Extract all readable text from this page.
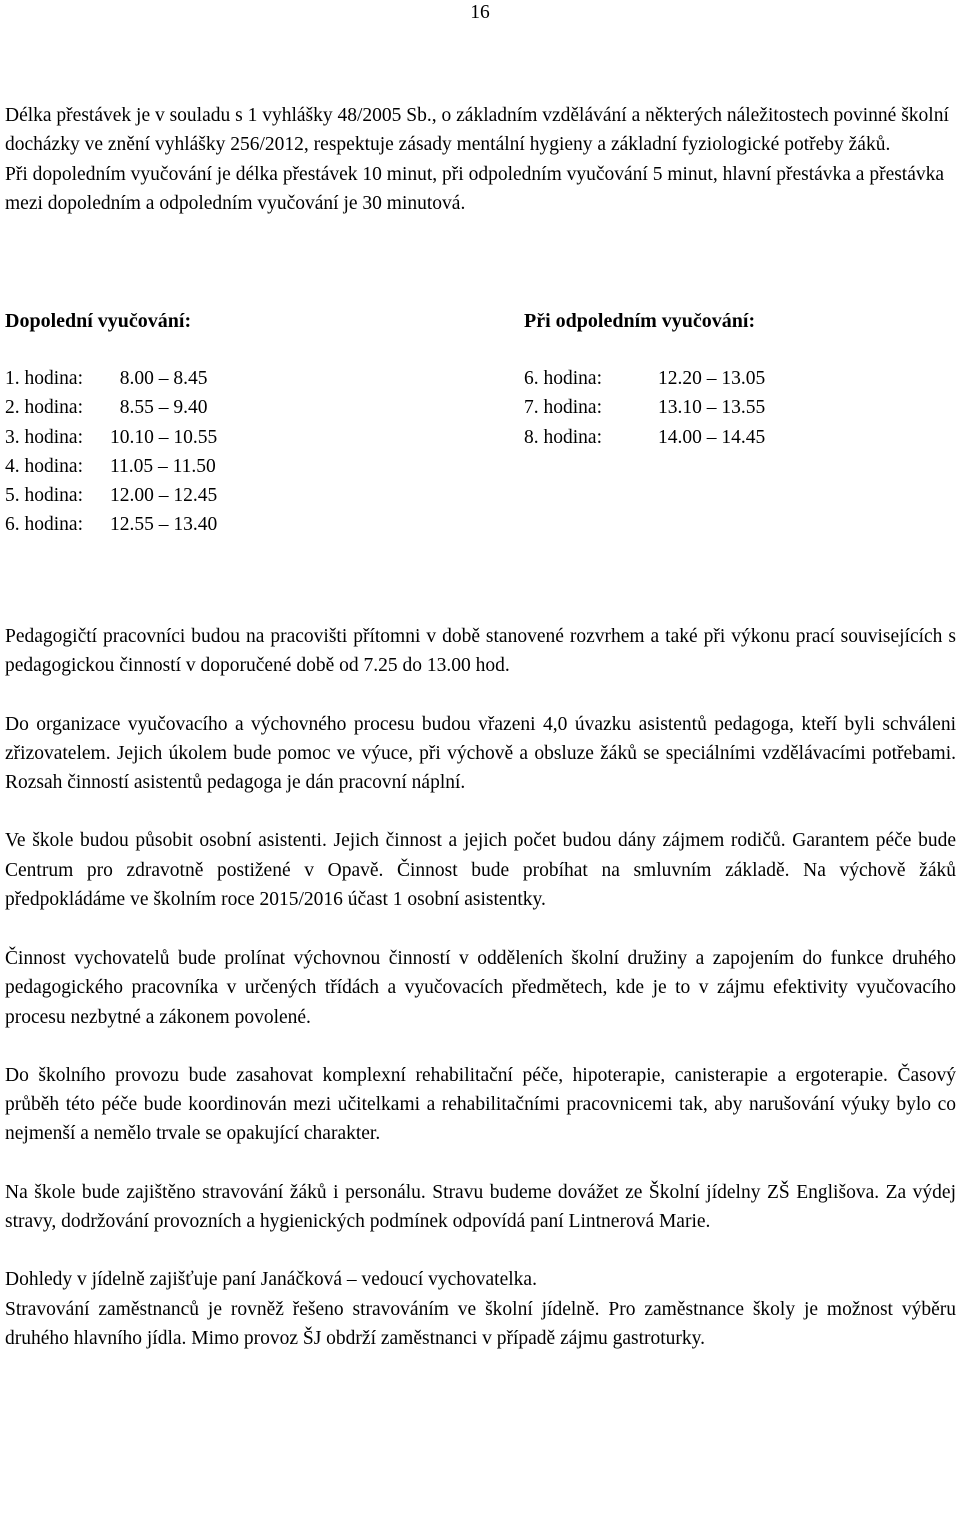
16

Délka přestávek je v souladu s 1 vyhlášky 48/2005 Sb., o základním vzdělávání a některých náležitostech povinné školní docházky ve znění vyhlášky 256/2012, respektuje zásady mentální hygieny a základní fyziologické potřeby žáků.

Při dopoledním vyučování je délka přestávek 10 minut, při odpoledním vyučování 5 minut, hlavní přestávka a přestávka mezi dopoledním a odpoledním vyučování je 30 minutová.

Dopolední vyučování:	Při odpoledním vyučování:
1. hodina:	8.00 – 8.45
2. hodina:	8.55 – 9.40
3. hodina:	10.10 – 10.55
4. hodina:	11.05 – 11.50
5. hodina:	12.00 – 12.45
6. hodina:	12.55 – 13.40
6. hodina:	12.20 – 13.05
7. hodina:	13.10 – 13.55
8. hodina:	14.00 – 14.45

Pedagogičtí pracovníci budou na pracovišti přítomni v době stanovené rozvrhem a také při výkonu prací souvisejících s pedagogickou činností v doporučené době od 7.25 do 13.00 hod.

Do organizace vyučovacího a výchovného procesu budou vřazeni 4,0 úvazku asistentů pedagoga, kteří byli schváleni zřizovatelem. Jejich úkolem bude pomoc ve výuce, při výchově a obsluze žáků se speciálními vzdělávacími potřebami. Rozsah činností asistentů pedagoga je dán pracovní náplní.

Ve škole budou působit osobní asistenti. Jejich činnost a jejich počet budou dány zájmem rodičů. Garantem péče bude Centrum pro zdravotně postižené v Opavě. Činnost bude probíhat na smluvním základě. Na výchově žáků předpokládáme ve školním roce 2015/2016 účast 1 osobní asistentky.

Činnost vychovatelů bude prolínat výchovnou činností v odděleních školní družiny a zapojením do funkce druhého pedagogického pracovníka v určených třídách a vyučovacích předmětech, kde je to v zájmu efektivity vyučovacího procesu nezbytné a zákonem povolené.

Do školního provozu bude zasahovat komplexní rehabilitační péče, hipoterapie, canisterapie a ergoterapie. Časový průběh této péče bude koordinován mezi učitelkami a rehabilitačními pracovnicemi tak, aby narušování výuky bylo co nejmenší a nemělo trvale se opakující charakter.

Na škole bude zajištěno stravování žáků i personálu. Stravu budeme dovážet ze Školní jídelny ZŠ Englišova. Za výdej stravy, dodržování provozních a hygienických podmínek odpovídá paní Lintnerová Marie.

Dohledy v jídelně zajišťuje paní Janáčková – vedoucí vychovatelka.

Stravování zaměstnanců je rovněž řešeno stravováním ve školní jídelně. Pro zaměstnance školy je možnost výběru druhého hlavního jídla. Mimo provoz ŠJ obdrží zaměstnanci v případě zájmu gastroturky.
